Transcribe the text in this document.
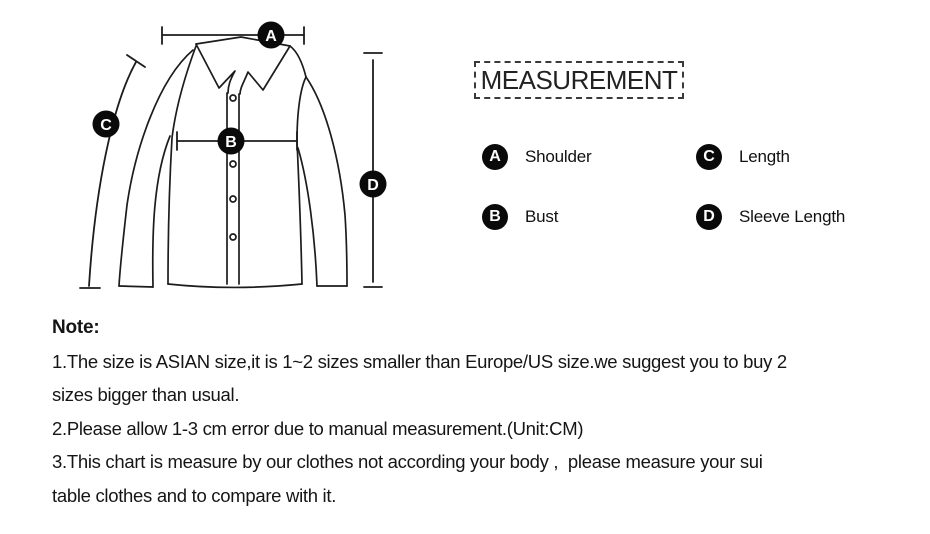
A
B
C
D
MEASUREMENT
A	Shoulder
B	Bust
C	Length
D	Sleeve Length
Note:
1.The size is ASIAN size,it is 1~2 sizes smaller than Europe/US size.we suggest you to buy 2
sizes bigger than usual.
2.Please allow 1-3 cm error due to manual measurement.(Unit:CM)
3.This chart is measure by our clothes not according your body ,  please measure your sui
table clothes and to compare with it.
